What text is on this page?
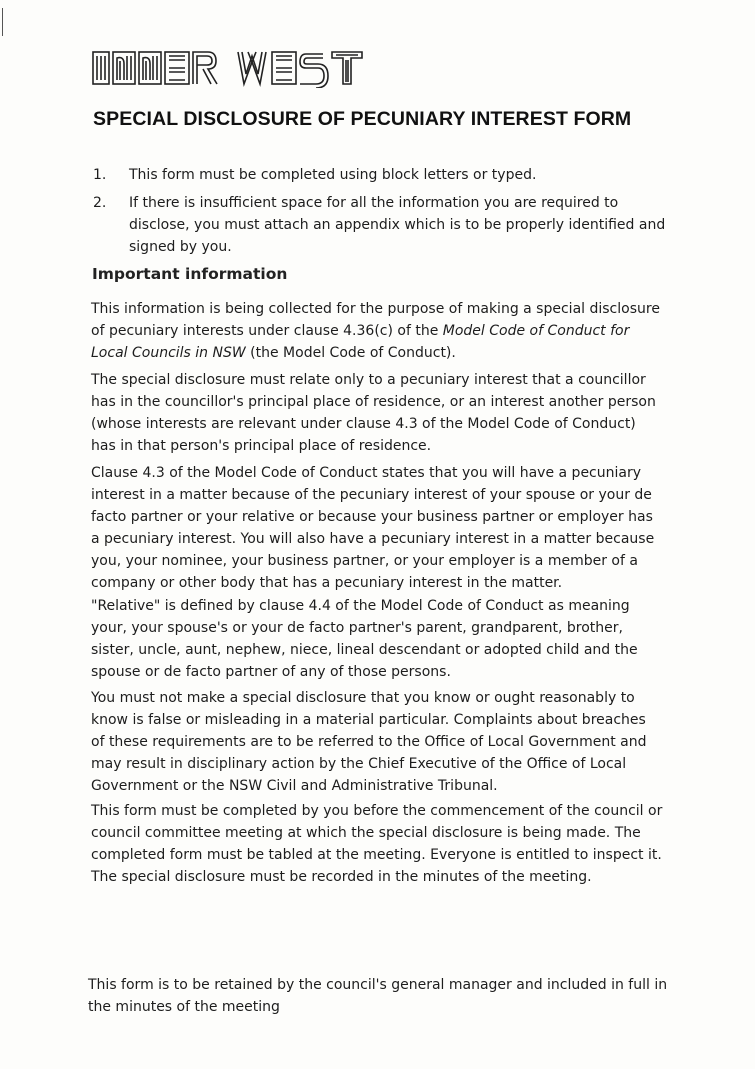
SPECIAL DISCLOSURE OF PECUNIARY INTEREST FORM
1. This form must be completed using block letters or typed.
2. If there is insufficient space for all the information you are required to disclose, you must attach an appendix which is to be properly identified and signed by you.
Important information
This information is being collected for the purpose of making a special disclosure of pecuniary interests under clause 4.36(c) of the Model Code of Conduct for Local Councils in NSW (the Model Code of Conduct).
The special disclosure must relate only to a pecuniary interest that a councillor has in the councillor's principal place of residence, or an interest another person (whose interests are relevant under clause 4.3 of the Model Code of Conduct) has in that person's principal place of residence.
Clause 4.3 of the Model Code of Conduct states that you will have a pecuniary interest in a matter because of the pecuniary interest of your spouse or your de facto partner or your relative or because your business partner or employer has a pecuniary interest. You will also have a pecuniary interest in a matter because you, your nominee, your business partner, or your employer is a member of a company or other body that has a pecuniary interest in the matter.
"Relative" is defined by clause 4.4 of the Model Code of Conduct as meaning your, your spouse's or your de facto partner's parent, grandparent, brother, sister, uncle, aunt, nephew, niece, lineal descendant or adopted child and the spouse or de facto partner of any of those persons.
You must not make a special disclosure that you know or ought reasonably to know is false or misleading in a material particular. Complaints about breaches of these requirements are to be referred to the Office of Local Government and may result in disciplinary action by the Chief Executive of the Office of Local Government or the NSW Civil and Administrative Tribunal.
This form must be completed by you before the commencement of the council or council committee meeting at which the special disclosure is being made. The completed form must be tabled at the meeting. Everyone is entitled to inspect it. The special disclosure must be recorded in the minutes of the meeting.
This form is to be retained by the council's general manager and included in full in the minutes of the meeting
